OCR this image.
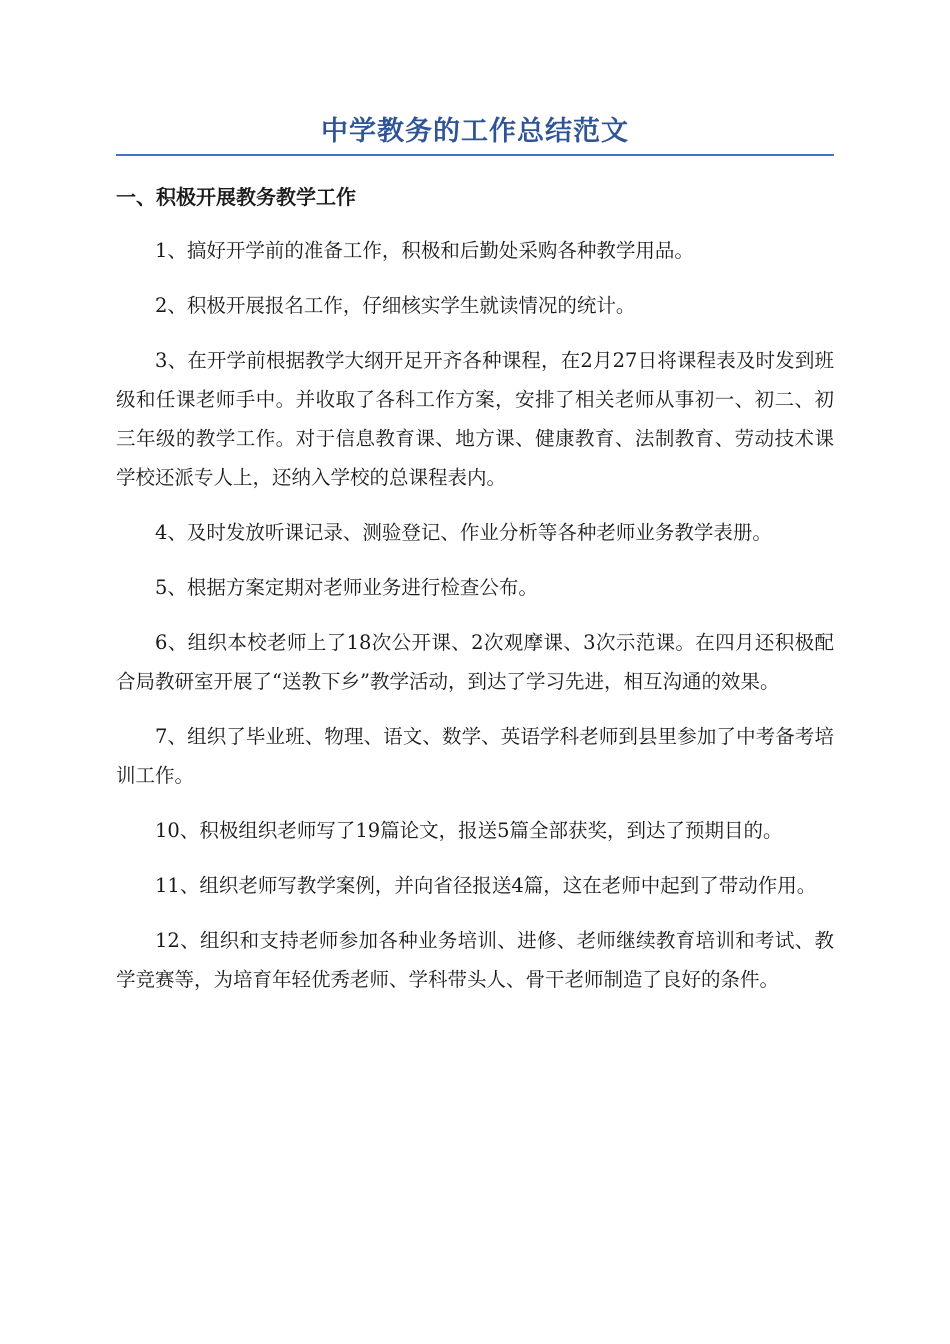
中学教务的工作总结范文
一、积极开展教务教学工作

1、搞好开学前的准备工作，积极和后勤处采购各种教学用品。

2、积极开展报名工作，仔细核实学生就读情况的统计。

3、在开学前根据教学大纲开足开齐各种课程，在2月27日将课程表及时发到班级和任课老师手中。并收取了各科工作方案，安排了相关老师从事初一、初二、初三年级的教学工作。对于信息教育课、地方课、健康教育、法制教育、劳动技术课学校还派专人上，还纳入学校的总课程表内。

4、及时发放听课记录、测验登记、作业分析等各种老师业务教学表册。

5、根据方案定期对老师业务进行检查公布。

6、组织本校老师上了18次公开课、2次观摩课、3次示范课。在四月还积极配合局教研室开展了“送教下乡”教学活动，到达了学习先进，相互沟通的效果。

7、组织了毕业班、物理、语文、数学、英语学科老师到县里参加了中考备考培训工作。

10、积极组织老师写了19篇论文，报送5篇全部获奖，到达了预期目的。

11、组织老师写教学案例，并向省径报送4篇，这在老师中起到了带动作用。

12、组织和支持老师参加各种业务培训、进修、老师继续教育培训和考试、教学竞赛等，为培育年轻优秀老师、学科带头人、骨干老师制造了良好的条件。
